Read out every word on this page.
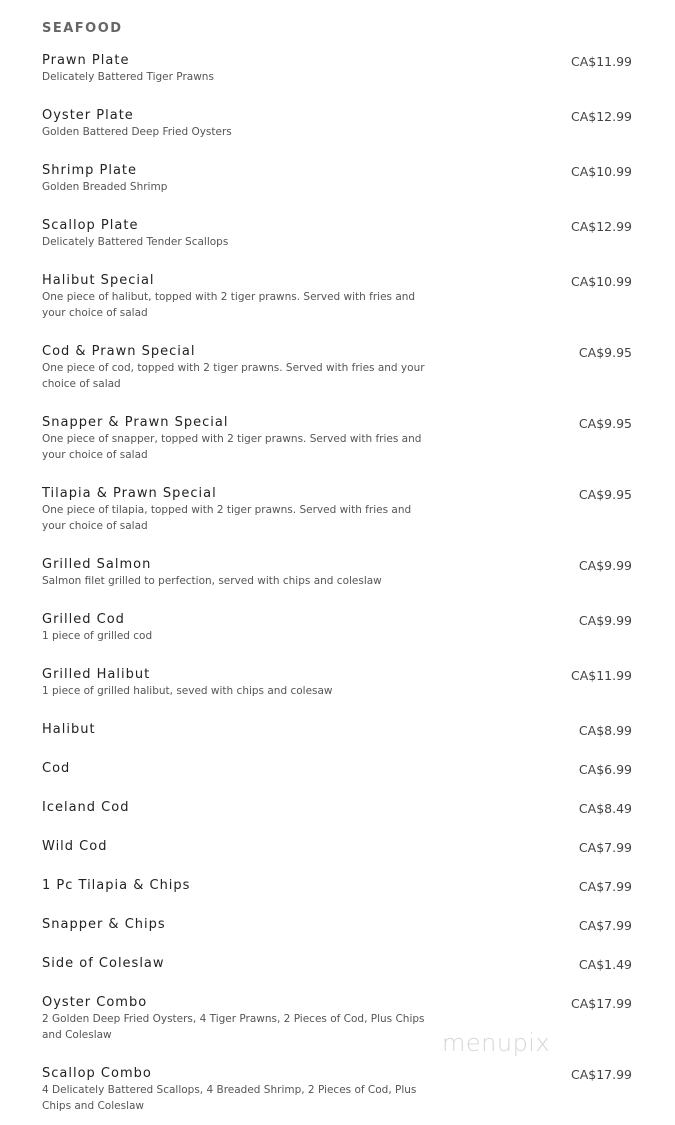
SEAFOOD
Prawn Plate
Delicately Battered Tiger Prawns
CA$11.99
Oyster Plate
Golden Battered Deep Fried Oysters
CA$12.99
Shrimp Plate
Golden Breaded Shrimp
CA$10.99
Scallop Plate
Delicately Battered Tender Scallops
CA$12.99
Halibut Special
One piece of halibut, topped with 2 tiger prawns. Served with fries and your choice of salad
CA$10.99
Cod & Prawn Special
One piece of cod, topped with 2 tiger prawns. Served with fries and your choice of salad
CA$9.95
Snapper & Prawn Special
One piece of snapper, topped with 2 tiger prawns. Served with fries and your choice of salad
CA$9.95
Tilapia & Prawn Special
One piece of tilapia, topped with 2 tiger prawns. Served with fries and your choice of salad
CA$9.95
Grilled Salmon
Salmon filet grilled to perfection, served with chips and coleslaw
CA$9.99
Grilled Cod
1 piece of grilled cod
CA$9.99
Grilled Halibut
1 piece of grilled halibut, seved with chips and colesaw
CA$11.99
Halibut	CA$8.99
Cod	CA$6.99
Iceland Cod	CA$8.49
Wild Cod	CA$7.99
1 Pc Tilapia & Chips	CA$7.99
Snapper & Chips	CA$7.99
Side of Coleslaw	CA$1.49
Oyster Combo
2 Golden Deep Fried Oysters, 4 Tiger Prawns, 2 Pieces of Cod, Plus Chips and Coleslaw
CA$17.99
Scallop Combo
4 Delicately Battered Scallops, 4 Breaded Shrimp, 2 Pieces of Cod, Plus Chips and Coleslaw
CA$17.99
menupix
